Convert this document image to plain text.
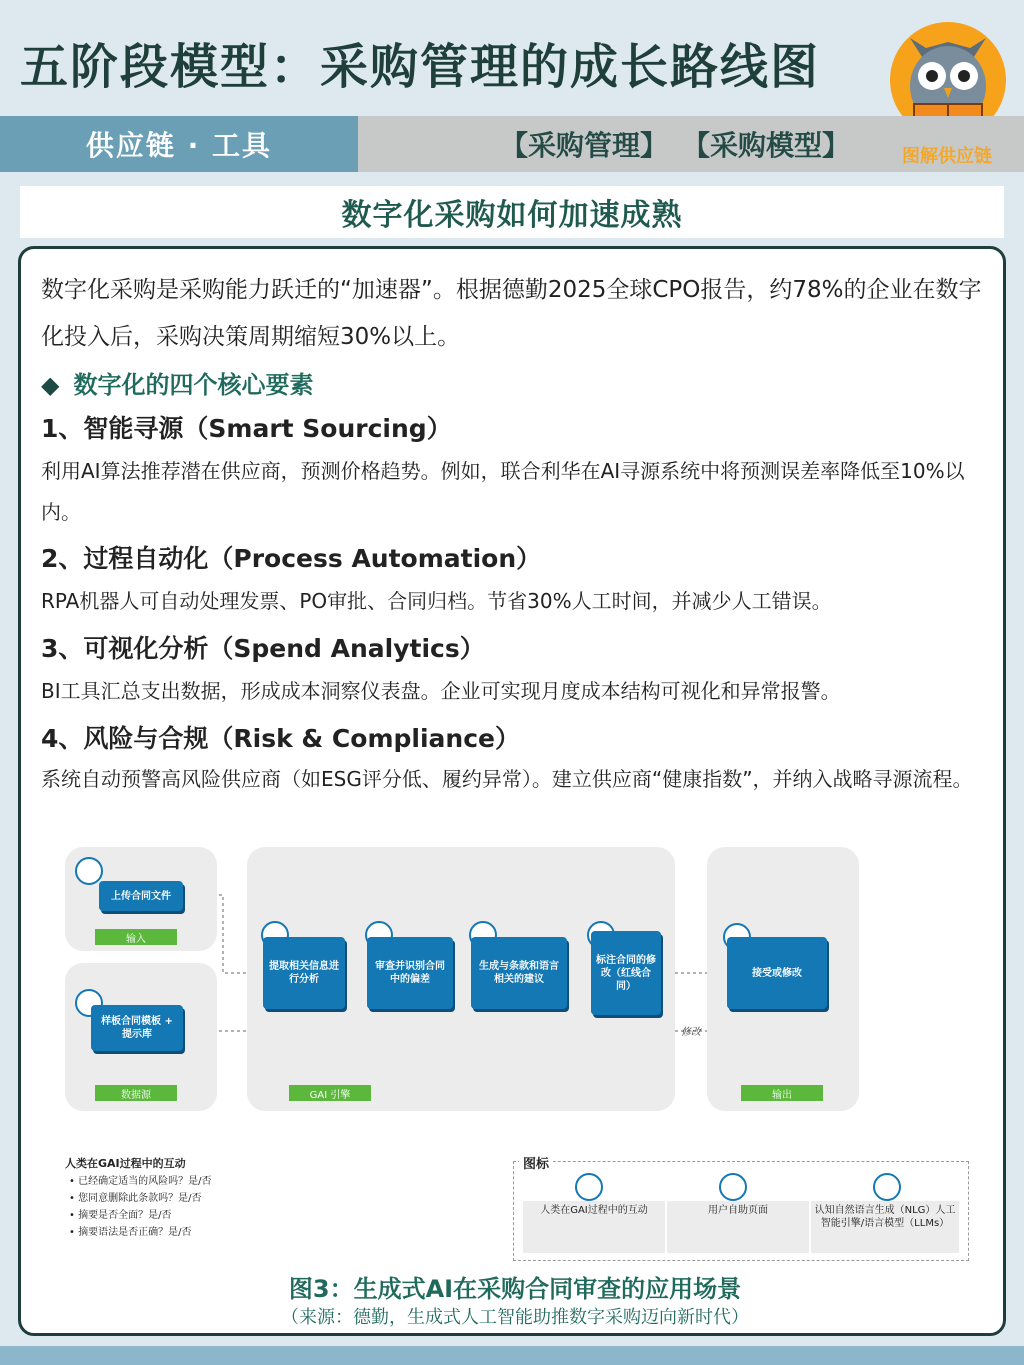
五阶段模型：采购管理的成长路线图
供应链 · 工具	【采购管理】 【采购模型】	图解供应链
数字化采购如何加速成熟
数字化采购是采购能力跃迁的“加速器”。根据德勤2025全球CPO报告，约78%的企业在数字化投入后，采购决策周期缩短30%以上。
◆ 数字化的四个核心要素
1、智能寻源（Smart Sourcing）
利用AI算法推荐潜在供应商，预测价格趋势。例如，联合利华在AI寻源系统中将预测误差率降低至10%以内。
2、过程自动化（Process Automation）
RPA机器人可自动处理发票、PO审批、合同归档。节省30%人工时间，并减少人工错误。
3、可视化分析（Spend Analytics）
BI工具汇总支出数据，形成成本洞察仪表盘。企业可实现月度成本结构可视化和异常报警。
4、风险与合规（Risk & Compliance）
系统自动预警高风险供应商（如ESG评分低、履约异常）。建立供应商“健康指数”，并纳入战略寻源流程。
上传合同文件
输入
样板合同模板 + 提示库
数据源
提取相关信息进行分析
审查并识别合同中的偏差
生成与条款和语言相关的建议
标注合同的修改（红线合同）
GAI 引擎
接受或修改
输出
修改
人类在GAI过程中的互动
• 已经确定适当的风险吗？是/否
• 您同意删除此条款吗？是/否
• 摘要是否全面？是/否
• 摘要语法是否正确？是/否
图标
人类在GAI过程中的互动	用户自助页面	认知自然语言生成（NLG）人工智能引擎/语言模型（LLMs）
图3：生成式AI在采购合同审查的应用场景
（来源：德勤，生成式人工智能助推数字采购迈向新时代）
